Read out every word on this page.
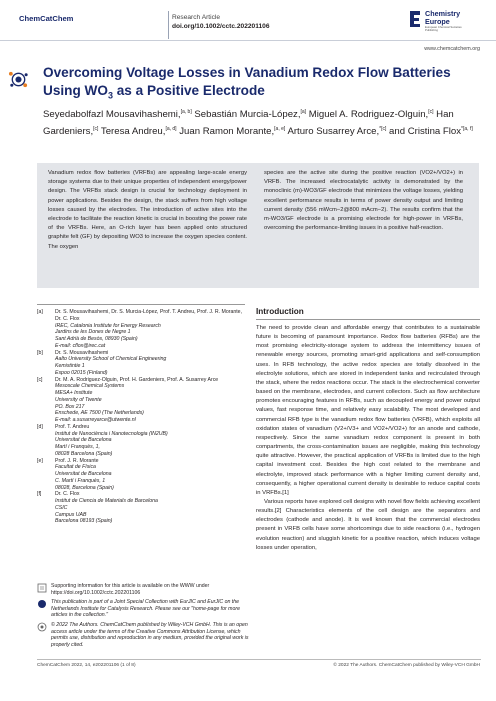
ChemCatChem	Research Article
doi.org/10.1002/cctc.202201106
Chemistry
Europe
European Chemical Societies Publishing
www.chemcatchem.org
Overcoming Voltage Losses in Vanadium Redox Flow Batteries Using $WO_3$ as a Positive Electrode
Seyedabolfazl Mousavihashemi,[a, b] Sebastián Murcia-López,[a] Miguel A. Rodriguez-Olguin,[c] Han Gardeniers,[c] Teresa Andreu,[a, d] Juan Ramon Morante,[a, e] Arturo Susarrey Arce,$^{*[c]}$ and Cristina Flox$^{*[a, f]}$
Vanadium redox flow batteries (VRFBs) are appealing large-scale energy storage systems due to their unique properties of independent energy/power design. The VRFBs stack design is crucial for technology deployment in power applications. Besides the design, the stack suffers from high voltage losses caused by the electrodes. The introduction of active sites into the electrode to facilitate the reaction kinetic is crucial in boosting the power rate of the VRFBs. Here, an O-rich layer has been applied onto structured graphite felt (GF) by depositing WO3 to increase the oxygen species content. The oxygen
species are the active site during the positive reaction (VO2+/VO2+) in VRFB. The increased electrocatalytic activity is demonstrated by the monoclinic (m)-WO3/GF electrode that minimizes the voltage losses, yielding excellent performance results in terms of power density output and limiting current density (556 mWcm−2@800 mAcm−2). The results confirm that the m-WO3/GF electrode is a promising electrode for high-power in VRFBs, overcoming the performance-limiting issues in a positive half-reaction.
[a]	Dr. S. Mousavihashemi, Dr. S. Murcia-López, Prof. T. Andreu, Prof. J. R. Morante, Dr. C. Flox
IREC, Catalonia Institute for Energy Research
Jardins de les Dones de Negre 1
Sant Adrià de Besòs, 08930 (Spain)
E-mail: cflox@irec.cat
[b]	Dr. S. Mousavihashemi
Aalto University School of Chemical Engineering
Kemistintie 1
Espoo 02015 (Finland)
[c]	Dr. M. A. Rodriguez-Olguin, Prof. H. Gardeniers, Prof. A. Susarrey Arce
Mesoscale Chemical Systems
MESA+ Institute
University of Twente
PO. Box 217
Enschede, AE 7500 (The Netherlands)
E-mail: a.susarreyarce@utwente.nl
[d]	Prof. T. Andreu
Institut de Nanociència i Nanotecnologia (IN2UB)
Universitat de Barcelona
Martí i Franquès, 1,
08028 Barcelona (Spain)
[e]	Prof. J. R. Morante
Facultat de Física
Universitat de Barcelona
C. Martí i Franquès, 1
08028, Barcelona (Spain)
[f]	Dr. C. Flox
Institut de Ciencia de Materials de Barcelona
CSIC
Campus UAB
Barcelona 08193 (Spain)
Supporting information for this article is available on the WWW under https://doi.org/10.1002/cctc.202201106
This publication is part of a Joint Special Collection with EurJIC and EurJIC on the Netherlands Institute for Catalysis Research. Please see our "home-page for more articles in the collection."
© 2022 The Authors. ChemCatChem published by Wiley-VCH GmbH. This is an open access article under the terms of the Creative Commons Attribution License, which permits use, distribution and reproduction in any medium, provided the original work is properly cited.
Introduction

The need to provide clean and affordable energy that contributes to a sustainable future is becoming of paramount importance. Redox flow batteries (RFBs) are the most promising electricity-storage system to address the intermittency issues of renewable energy sources, promoting smart-grid applications and self-consumption uses. In RFB technology, the active redox species are totally dissolved in the electrolyte solutions, which are stored in independent tanks and recirculated through the stack, where the redox reactions occur. The stack is the electrochemical converter based on the membrane, electrodes, and current collectors. Such as flow architecture promotes encouraging features in RFBs, such as decoupled energy and power output values, fast response time, and relatively easy scalability. The most developed and commercial RFB type is the vanadium redox flow batteries (VRFB), which exploits all oxidation states of vanadium (V2+/V3+ and VO2+/VO2+) for an anode and cathode, respectively. Since the same vanadium redox component is present in both compartments, the cross-contamination issues are negligible, making this technology quite attractive. However, the practical application of VRFBs is limited due to the high capital investment cost. Besides the high cost related to the membrane and electrolyte, improved stack performance with a higher limiting current density and, consequently, a higher operational current density is desirable to reduce capital costs in VRFBs.[1]

Various reports have explored cell designs with novel flow fields achieving excellent results.[2] Characteristics elements of the cell design are the separators and electrodes (cathode and anode). It is well known that the commercial electrodes present in VRFB cells have some shortcomings due to side reactions (i.e., hydrogen evolution reaction) and sluggish kinetic for a positive reaction, which induces voltage losses under operation,

ChemCatChem 2022, 14, e202201106 (1 of 8)	© 2022 The Authors. ChemCatChem published by Wiley-VCH GmbH
